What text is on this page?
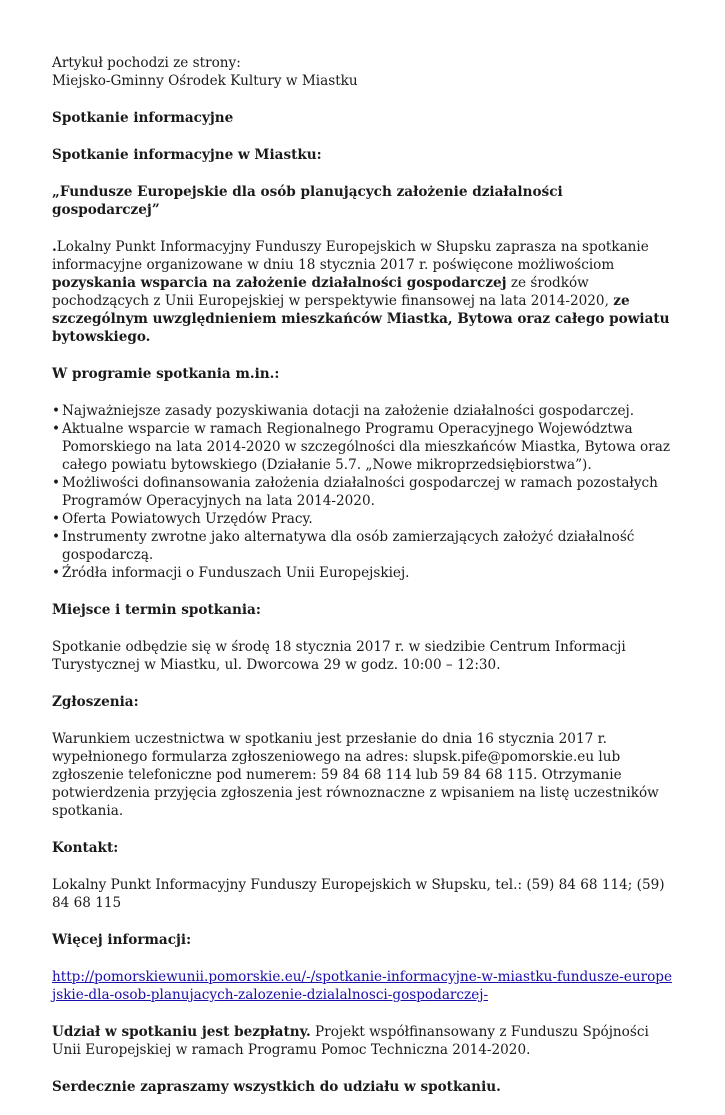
Artykuł pochodzi ze strony:

Miejsko-Gminny Ośrodek Kultury w Miastku

Spotkanie informacyjne

Spotkanie informacyjne w Miastku:

„Fundusze Europejskie dla osób planujących założenie działalności gospodarczej”

.Lokalny Punkt Informacyjny Funduszy Europejskich w Słupsku zaprasza na spotkanie informacyjne organizowane w dniu 18 stycznia 2017 r. poświęcone możliwościom pozyskania wsparcia na założenie działalności gospodarczej ze środków pochodzących z Unii Europejskiej w perspektywie finansowej na lata 2014-2020, ze szczególnym uwzględnieniem mieszkańców Miastka, Bytowa oraz całego powiatu bytowskiego.

W programie spotkania m.in.:

• Najważniejsze zasady pozyskiwania dotacji na założenie działalności gospodarczej.
• Aktualne wsparcie w ramach Regionalnego Programu Operacyjnego Województwa Pomorskiego na lata 2014-2020 w szczególności dla mieszkańców Miastka, Bytowa oraz całego powiatu bytowskiego (Działanie 5.7. „Nowe mikroprzedsiębiorstwa”).
• Możliwości dofinansowania założenia działalności gospodarczej w ramach pozostałych Programów Operacyjnych na lata 2014-2020.
• Oferta Powiatowych Urzędów Pracy.
• Instrumenty zwrotne jako alternatywa dla osób zamierzających założyć działalność gospodarczą.
• Źródła informacji o Funduszach Unii Europejskiej.

Miejsce i termin spotkania:

Spotkanie odbędzie się w środę 18 stycznia 2017 r. w siedzibie Centrum Informacji Turystycznej w Miastku, ul. Dworcowa 29 w godz. 10:00 – 12:30.

Zgłoszenia:

Warunkiem uczestnictwa w spotkaniu jest przesłanie do dnia 16 stycznia 2017 r. wypełnionego formularza zgłoszeniowego na adres: slupsk.pife@pomorskie.eu lub zgłoszenie telefoniczne pod numerem: 59 84 68 114 lub 59 84 68 115. Otrzymanie potwierdzenia przyjęcia zgłoszenia jest równoznaczne z wpisaniem na listę uczestników spotkania.

Kontakt:

Lokalny Punkt Informacyjny Funduszy Europejskich w Słupsku, tel.: (59) 84 68 114; (59) 84 68 115

Więcej informacji:

http://pomorskiewunii.pomorskie.eu/-/spotkanie-informacyjne-w-miastku-fundusze-europejskie-dla-osob-planujacych-zalozenie-dzialalnosci-gospodarczej-

Udział w spotkaniu jest bezpłatny. Projekt współfinansowany z Funduszu Spójności Unii Europejskiej w ramach Programu Pomoc Techniczna 2014-2020.

Serdecznie zapraszamy wszystkich do udziału w spotkaniu.
